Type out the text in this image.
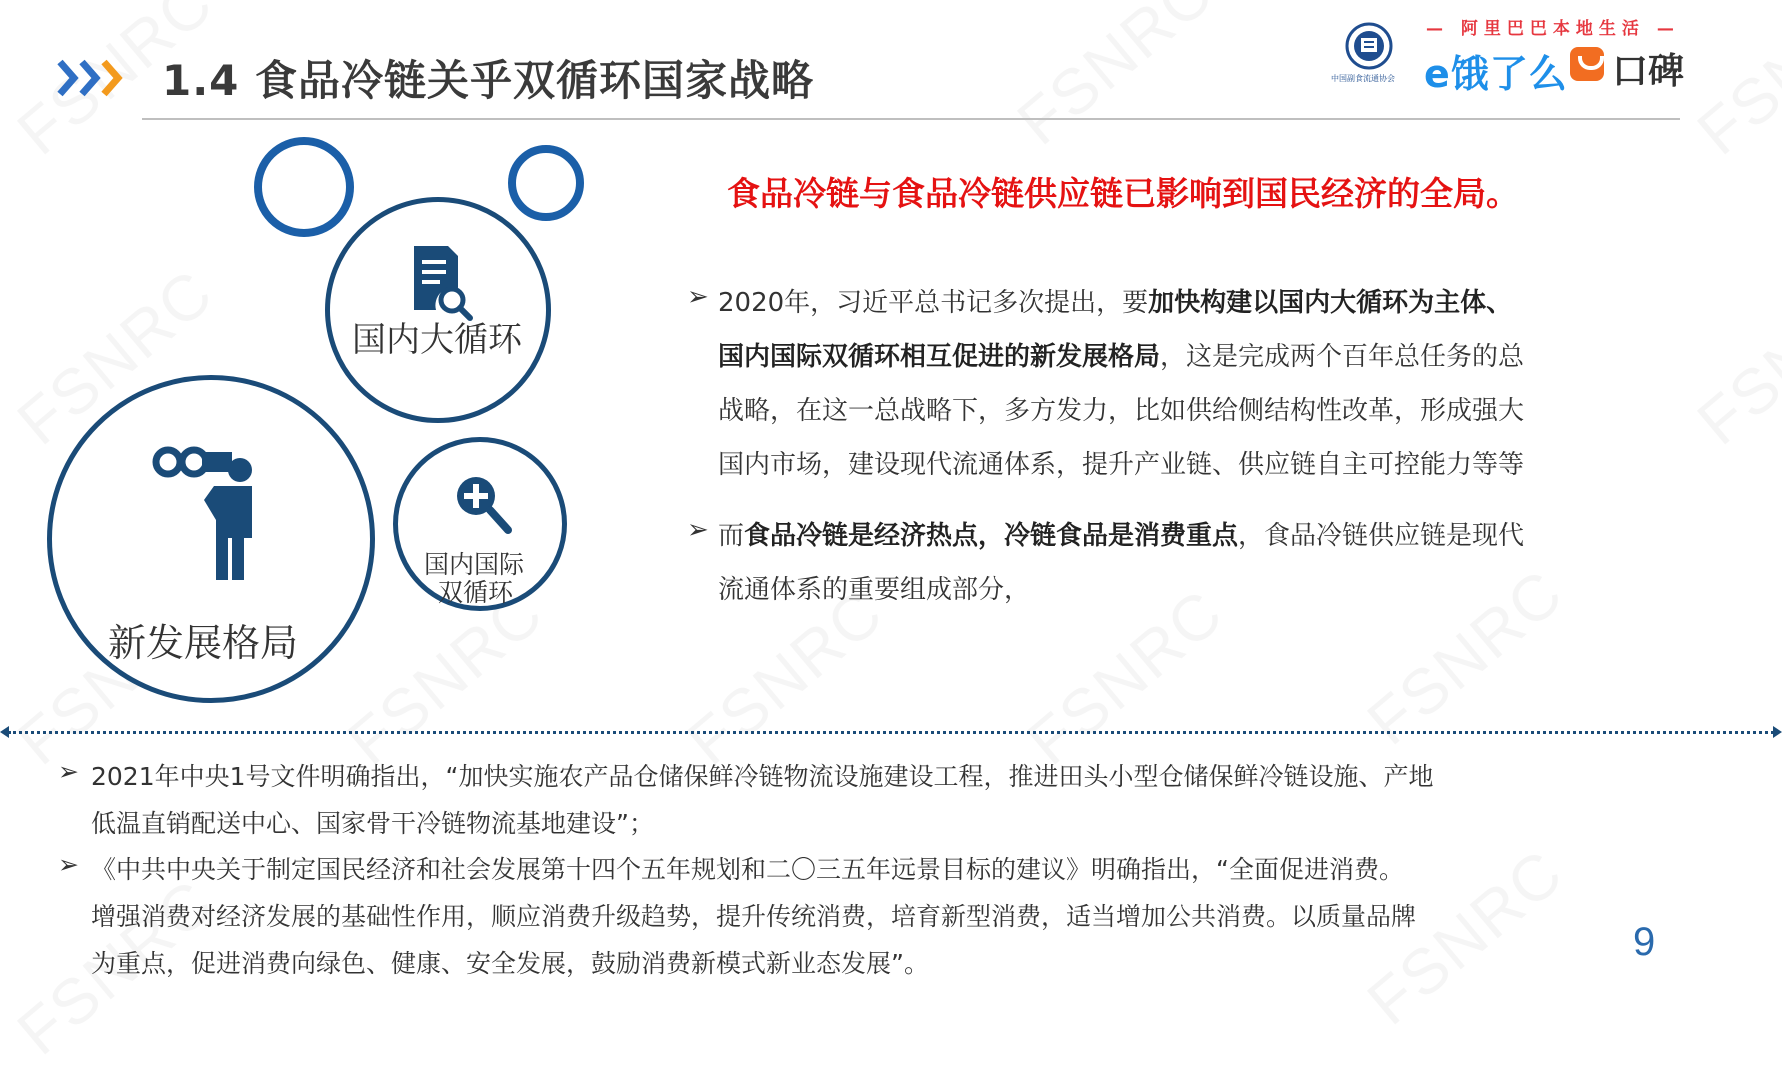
1.4 食品冷链关乎双循环国家战略	中国副食流通协会
— 阿里巴巴本地生活 —
e饿了么 口碑
国内大循环
新发展格局
国内国际
双循环
食品冷链与食品冷链供应链已影响到国民经济的全局。
➢ 2020年，习近平总书记多次提出，要加快构建以国内大循环为主体、
国内国际双循环相互促进的新发展格局，这是完成两个百年总任务的总
战略，在这一总战略下，多方发力，比如供给侧结构性改革，形成强大
国内市场，建设现代流通体系，提升产业链、供应链自主可控能力等等
➢ 而食品冷链是经济热点，冷链食品是消费重点，食品冷链供应链是现代
流通体系的重要组成部分，
➢ 2021年中央1号文件明确指出，“加快实施农产品仓储保鲜冷链物流设施建设工程，推进田头小型仓储保鲜冷链设施、产地
低温直销配送中心、国家骨干冷链物流基地建设”；
➢ 《中共中央关于制定国民经济和社会发展第十四个五年规划和二〇三五年远景目标的建议》明确指出，“全面促进消费。
增强消费对经济发展的基础性作用，顺应消费升级趋势，提升传统消费，培育新型消费，适当增加公共消费。以质量品牌
为重点，促进消费向绿色、健康、安全发展，鼓励消费新模式新业态发展”。	9
